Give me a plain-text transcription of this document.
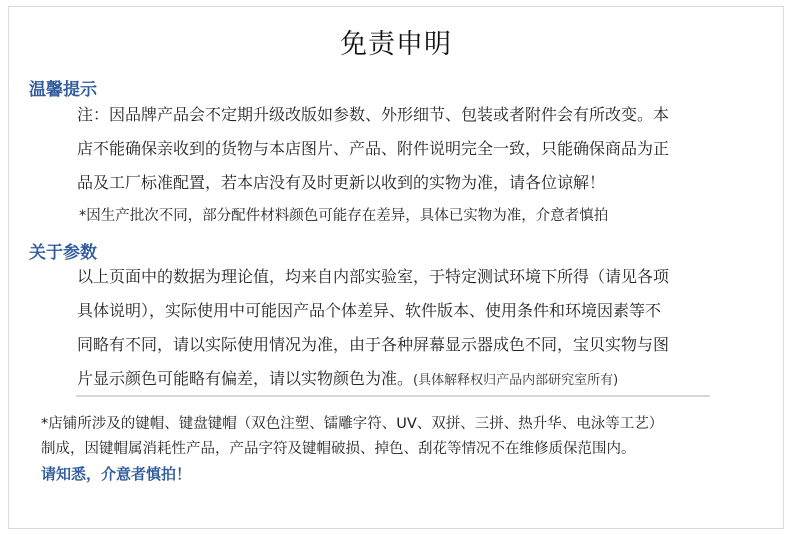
免责申明
温馨提示
注：因品牌产品会不定期升级改版如参数、外形细节、包装或者附件会有所改变。本
店不能确保亲收到的货物与本店图片、产品、附件说明完全一致，只能确保商品为正
品及工厂标准配置，若本店没有及时更新以收到的实物为准，请各位谅解！
*因生产批次不同，部分配件材料颜色可能存在差异，具体已实物为准，介意者慎拍
关于参数
以上页面中的数据为理论值，均来自内部实验室，于特定测试环境下所得（请见各项
具体说明），实际使用中可能因产品个体差异、软件版本、使用条件和环境因素等不
同略有不同，请以实际使用情况为准，由于各种屏幕显示器成色不同，宝贝实物与图
片显示颜色可能略有偏差，请以实物颜色为准。(具体解释权归产品内部研究室所有)
*店铺所涉及的键帽、键盘键帽（双色注塑、镭雕字符、UV、双拼、三拼、热升华、电泳等工艺）
制成，因键帽属消耗性产品，产品字符及键帽破损、掉色、刮花等情况不在维修质保范围内。
请知悉，介意者慎拍！
